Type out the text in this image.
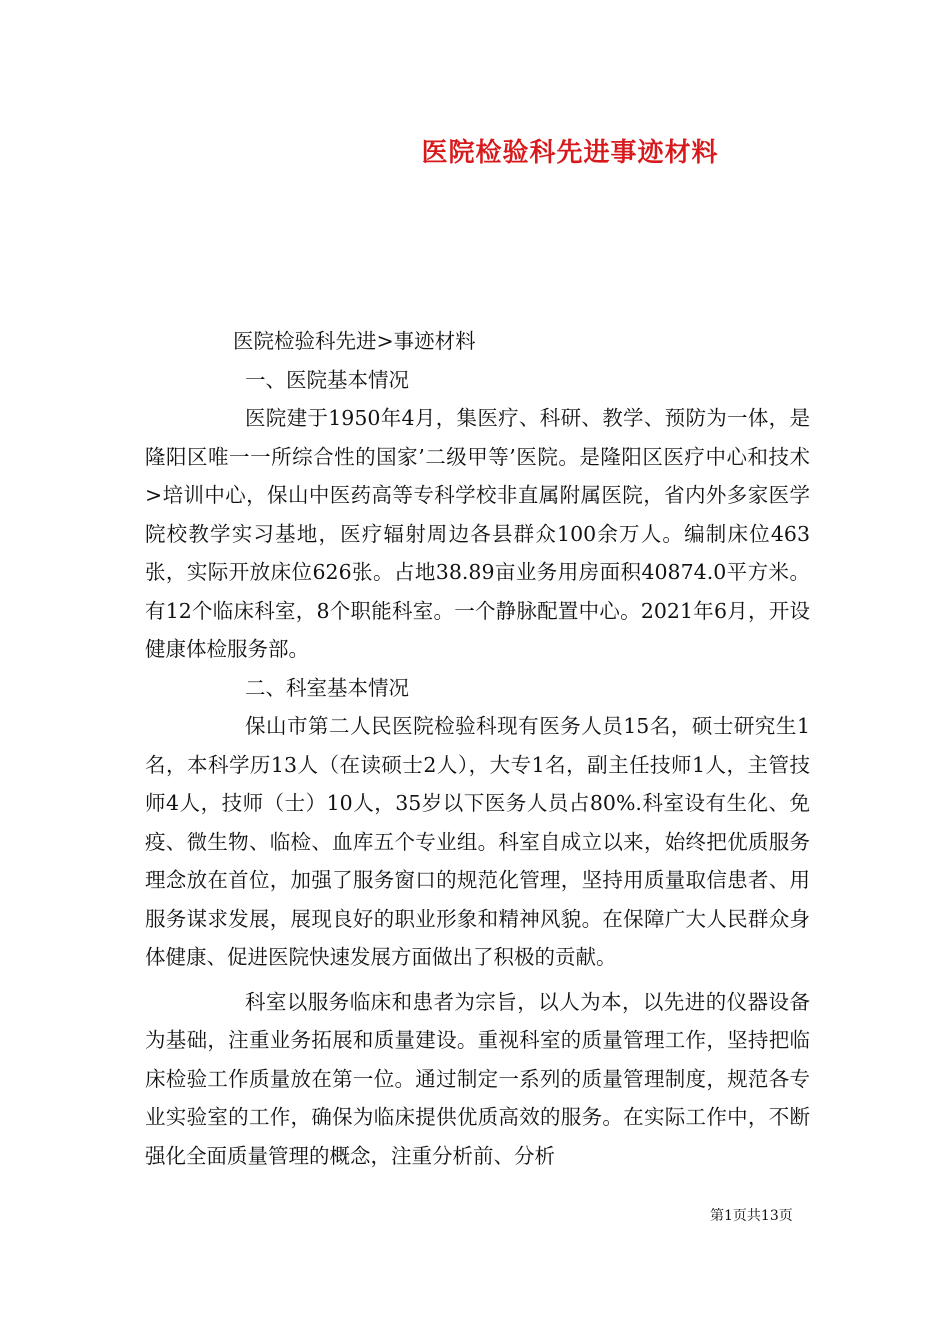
医院检验科先进事迹材料

医院检验科先进>事迹材料

一、医院基本情况

医院建于1950年4月，集医疗、科研、教学、预防为一体，是隆阳区唯一一所综合性的国家’二级甲等’医院。是隆阳区医疗中心和技术>培训中心，保山中医药高等专科学校非直属附属医院，省内外多家医学院校教学实习基地，医疗辐射周边各县群众100余万人。编制床位463张，实际开放床位626张。占地38.89亩业务用房面积40874.0平方米。有12个临床科室，8个职能科室。一个静脉配置中心。2021年6月，开设健康体检服务部。

二、科室基本情况

保山市第二人民医院检验科现有医务人员15名，硕士研究生1名，本科学历13人（在读硕士2人），大专1名，副主任技师1人，主管技师4人，技师（士）10人，35岁以下医务人员占80%.科室设有生化、免疫、微生物、临检、血库五个专业组。科室自成立以来，始终把优质服务理念放在首位，加强了服务窗口的规范化管理，坚持用质量取信患者、用服务谋求发展，展现良好的职业形象和精神风貌。在保障广大人民群众身体健康、促进医院快速发展方面做出了积极的贡献。

科室以服务临床和患者为宗旨，以人为本，以先进的仪器设备为基础，注重业务拓展和质量建设。重视科室的质量管理工作，坚持把临床检验工作质量放在第一位。通过制定一系列的质量管理制度，规范各专业实验室的工作，确保为临床提供优质高效的服务。在实际工作中，不断强化全面质量管理的概念，注重分析前、分析

第1页共13页
